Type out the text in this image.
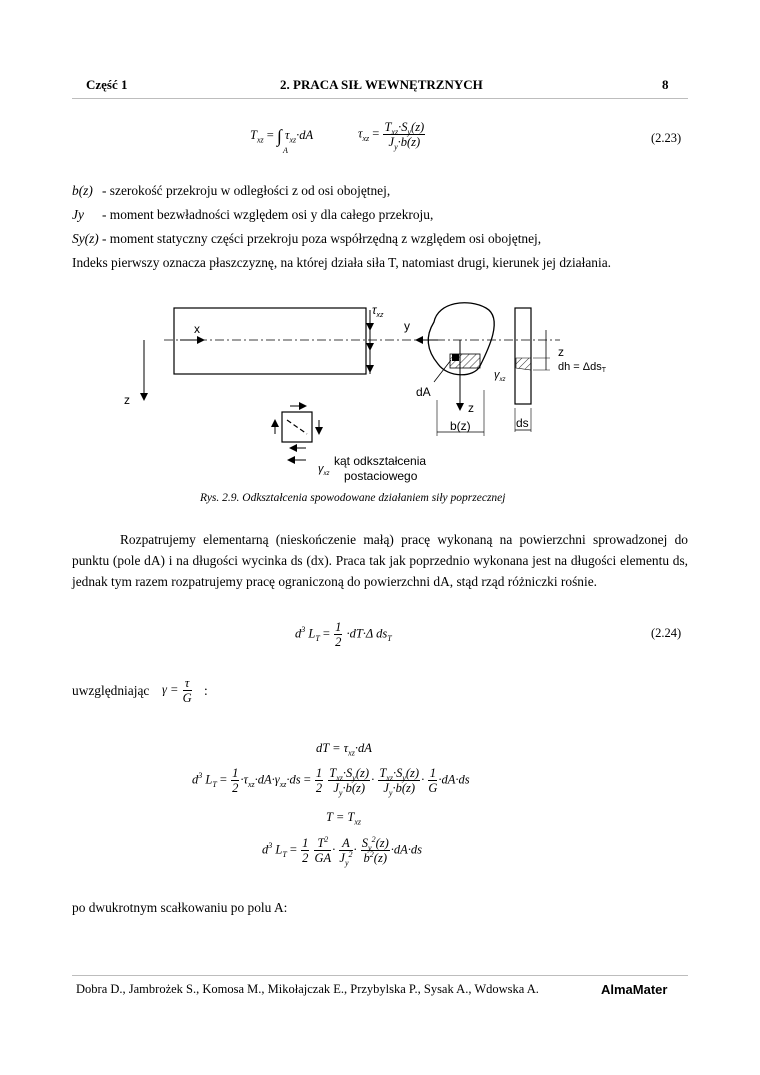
Część 1	2. PRACA SIŁ WEWNĘTRZNYCH	8
$T_{xz}$ = ∫
A
$\tau_{xz}\cdot dA$	$\tau_{xz} = \frac{T_{xz}\cdot S_y(z)}{J_y\cdot b(z)}$	(2.23)
b(z) - szerokość przekroju w odległości z od osi obojętnej,
Jy - moment bezwładności względem osi y dla całego przekroju,
Sy(z) - moment statyczny części przekroju poza współrzędną z względem osi obojętnej,
Indeks pierwszy oznacza płaszczyznę, na której działa siła T, natomiast drugi, kierunek jej działania.
x
z
$\tau_{xz}$
y
dA
z
b(z)
$\gamma_{xz}$
ds
z
dh = ΔdsT
$\gamma_{xz}$
kąt odkształcenia
postaciowego
Rys. 2.9. Odkształcenia spowodowane działaniem siły poprzecznej
Rozpatrujemy elementarną (nieskończenie małą) pracę wykonaną na powierzchni sprowadzonej do punktu (pole dA) i na długości wycinka ds (dx). Praca tak jak poprzednio wykonana jest na długości elementu ds, jednak tym razem rozpatrujemy pracę ograniczoną do powierzchni dA, stąd rząd różniczki rośnie.
$d^3$ $L_T = \frac{1}{2} \cdot dT\cdot\Delta$ $ds_T$	(2.24)
uwzględniając $\gamma = \frac{\tau}{G}$ :
dT = $\tau_{xz}\cdot dA$
$d^3$ $L_T = \frac{1}{2} \cdot\tau_{xz}\cdot dA\cdot\gamma_{xz}\cdot ds = \frac{1}{2}$
$\frac{T_{xz}\cdot S_y(z)}{J_y\cdot b(z)} \cdot \frac{T_{xz}\cdot S_y(z)}{J_y\cdot b(z)} \cdot \frac{1}{G} \cdot dA\cdot ds$
$T = T_{xz}$
$d^3$ $L_T = \frac{1}{2}$
$\frac{T^2}{GA} \cdot \frac{A}{J_y^2} \cdot \frac{S_y^2(z)}{b^2(z)} \cdot dA\cdot ds$
po dwukrotnym scałkowaniu po polu A:
Dobra D., Jambrożek S., Komosa M., Mikołajczak E., Przybylska P., Sysak A., Wdowska A.	AlmaMater
